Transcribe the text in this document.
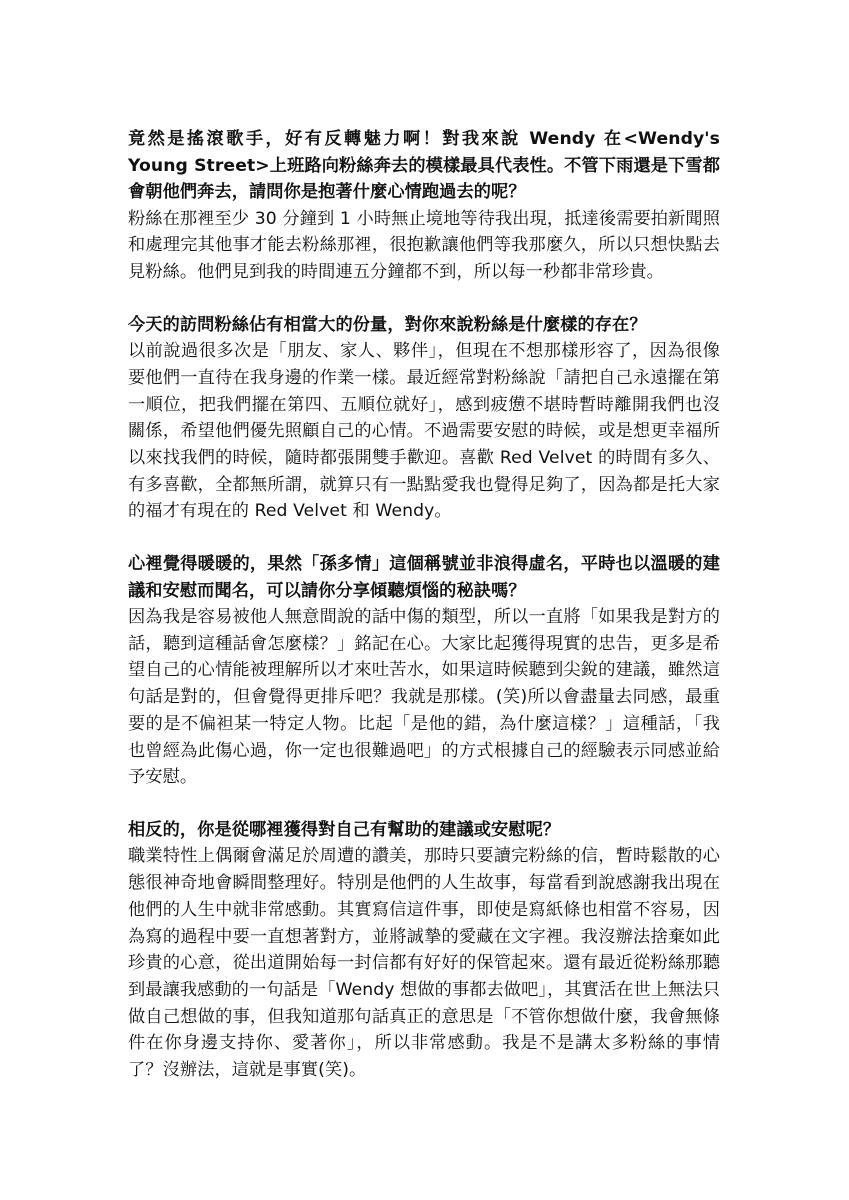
竟然是搖滾歌手，好有反轉魅力啊！對我來說 Wendy 在<Wendy's Young Street>上班路向粉絲奔去的模樣最具代表性。不管下雨還是下雪都會朝他們奔去，請問你是抱著什麼心情跑過去的呢？

粉絲在那裡至少 30 分鐘到 1 小時無止境地等待我出現，抵達後需要拍新聞照和處理完其他事才能去粉絲那裡，很抱歉讓他們等我那麼久，所以只想快點去見粉絲。他們見到我的時間連五分鐘都不到，所以每一秒都非常珍貴。

今天的訪問粉絲佔有相當大的份量，對你來說粉絲是什麼樣的存在？

以前說過很多次是「朋友、家人、夥伴」，但現在不想那樣形容了，因為很像要他們一直待在我身邊的作業一樣。最近經常對粉絲說「請把自己永遠擺在第一順位，把我們擺在第四、五順位就好」，感到疲憊不堪時暫時離開我們也沒關係，希望他們優先照顧自己的心情。不過需要安慰的時候，或是想更幸福所以來找我們的時候，隨時都張開雙手歡迎。喜歡 Red Velvet 的時間有多久、有多喜歡，全都無所謂，就算只有一點點愛我也覺得足夠了，因為都是托大家的福才有現在的 Red Velvet 和 Wendy。

心裡覺得暖暖的，果然「孫多情」這個稱號並非浪得虛名，平時也以溫暖的建議和安慰而聞名，可以請你分享傾聽煩惱的秘訣嗎？

因為我是容易被他人無意間說的話中傷的類型，所以一直將「如果我是對方的話，聽到這種話會怎麼樣？」銘記在心。大家比起獲得現實的忠告，更多是希望自己的心情能被理解所以才來吐苦水，如果這時候聽到尖銳的建議，雖然這句話是對的，但會覺得更排斥吧？我就是那樣。(笑)所以會盡量去同感，最重要的是不偏袒某一特定人物。比起「是他的錯，為什麼這樣？」這種話，「我也曾經為此傷心過，你一定也很難過吧」的方式根據自己的經驗表示同感並給予安慰。

相反的，你是從哪裡獲得對自己有幫助的建議或安慰呢？

職業特性上偶爾會滿足於周遭的讚美，那時只要讀完粉絲的信，暫時鬆散的心態很神奇地會瞬間整理好。特別是他們的人生故事，每當看到說感謝我出現在他們的人生中就非常感動。其實寫信這件事，即使是寫紙條也相當不容易，因為寫的過程中要一直想著對方，並將誠摯的愛藏在文字裡。我沒辦法捨棄如此珍貴的心意，從出道開始每一封信都有好好的保管起來。還有最近從粉絲那聽到最讓我感動的一句話是「Wendy 想做的事都去做吧」，其實活在世上無法只做自己想做的事，但我知道那句話真正的意思是「不管你想做什麼，我會無條件在你身邊支持你、愛著你」，所以非常感動。我是不是講太多粉絲的事情了？沒辦法，這就是事實(笑)。
